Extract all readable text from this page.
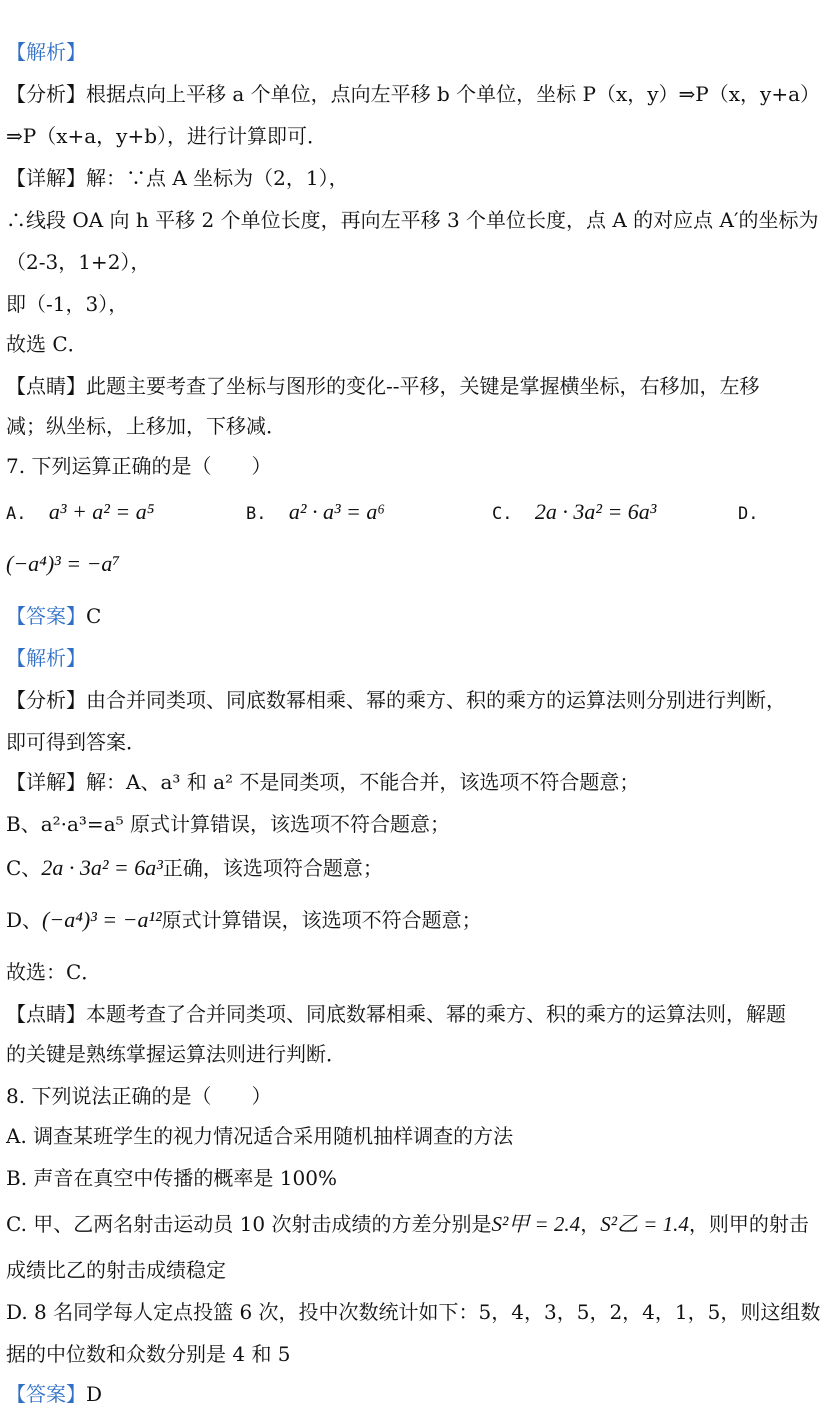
【解析】
【分析】根据点向上平移 a 个单位，点向左平移 b 个单位，坐标 P（x，y）⇒P（x，y+a）
⇒P（x+a，y+b），进行计算即可．
【详解】解：∵点 A 坐标为（2，1），
∴线段 OA 向 h 平移 2 个单位长度，再向左平移 3 个单位长度，点 A 的对应点 A′的坐标为
（2-3，1+2），
即（-1，3），
故选 C．
【点睛】此题主要考查了坐标与图形的变化--平移，关键是掌握横坐标，右移加，左移
减；纵坐标，上移加，下移减．
7. 下列运算正确的是（　　）
A. a³ + a² = a⁵	B. a² · a³ = a⁶	C. 2a · 3a² = 6a³	D.
(−a⁴)³ = −a⁷
【答案】C
【解析】
【分析】由合并同类项、同底数幂相乘、幂的乘方、积的乘方的运算法则分别进行判断，
即可得到答案．
【详解】解：A、a³ 和 a² 不是同类项，不能合并，该选项不符合题意；
B、a²·a³=a⁵ 原式计算错误，该选项不符合题意；
C、2a · 3a² = 6a³正确，该选项符合题意；
D、(−a⁴)³ = −a¹²原式计算错误，该选项不符合题意；
故选：C．
【点睛】本题考查了合并同类项、同底数幂相乘、幂的乘方、积的乘方的运算法则，解题
的关键是熟练掌握运算法则进行判断．
8. 下列说法正确的是（　　）
A. 调查某班学生的视力情况适合采用随机抽样调查的方法
B. 声音在真空中传播的概率是 100%
C. 甲、乙两名射击运动员 10 次射击成绩的方差分别是S²甲 = 2.4，S²乙 = 1.4，则甲的射击
成绩比乙的射击成绩稳定
D. 8 名同学每人定点投篮 6 次，投中次数统计如下：5，4，3，5，2，4，1，5，则这组数
据的中位数和众数分别是 4 和 5
【答案】D
